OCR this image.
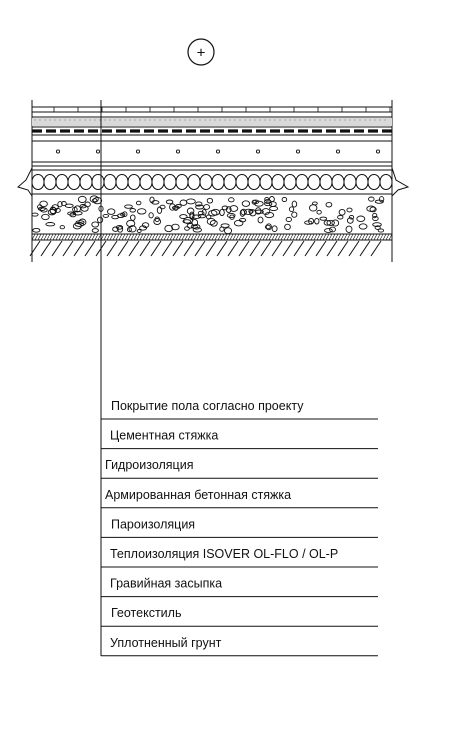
+
Покрытие пола согласно проекту
Цементная стяжка
Гидроизоляция
Армированная бетонная стяжка
Пароизоляция
Теплоизоляция ISOVER OL-FLO / OL-P
Гравийная засыпка
Геотекстиль
Уплотненный грунт
